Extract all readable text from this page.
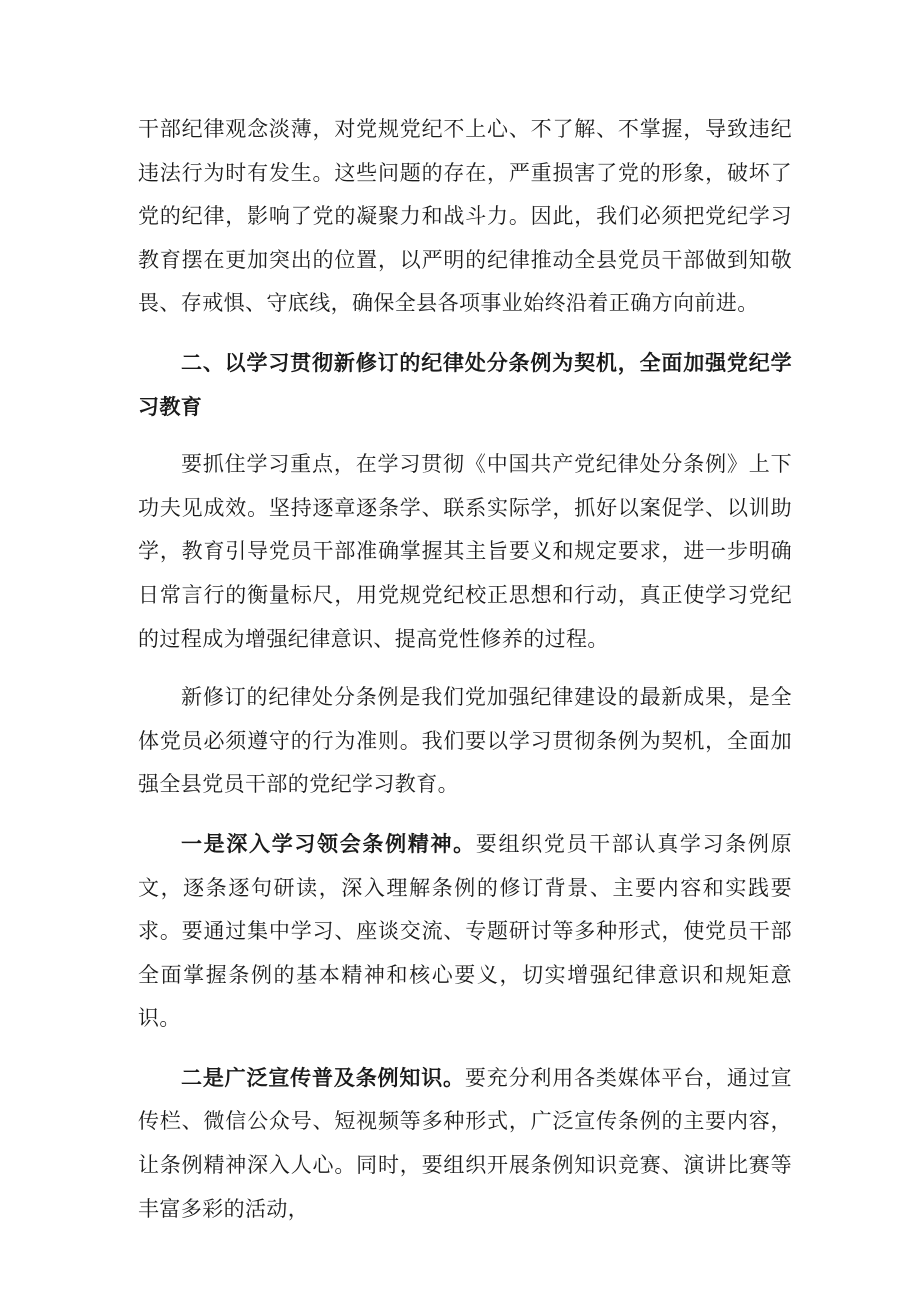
干部纪律观念淡薄，对党规党纪不上心、不了解、不掌握，导致违纪违法行为时有发生。这些问题的存在，严重损害了党的形象，破坏了党的纪律，影响了党的凝聚力和战斗力。因此，我们必须把党纪学习教育摆在更加突出的位置，以严明的纪律推动全县党员干部做到知敬畏、存戒惧、守底线，确保全县各项事业始终沿着正确方向前进。

二、以学习贯彻新修订的纪律处分条例为契机，全面加强党纪学习教育

要抓住学习重点，在学习贯彻《中国共产党纪律处分条例》上下功夫见成效。坚持逐章逐条学、联系实际学，抓好以案促学、以训助学，教育引导党员干部准确掌握其主旨要义和规定要求，进一步明确日常言行的衡量标尺，用党规党纪校正思想和行动，真正使学习党纪的过程成为增强纪律意识、提高党性修养的过程。

新修订的纪律处分条例是我们党加强纪律建设的最新成果，是全体党员必须遵守的行为准则。我们要以学习贯彻条例为契机，全面加强全县党员干部的党纪学习教育。

一是深入学习领会条例精神。要组织党员干部认真学习条例原文，逐条逐句研读，深入理解条例的修订背景、主要内容和实践要求。要通过集中学习、座谈交流、专题研讨等多种形式，使党员干部全面掌握条例的基本精神和核心要义，切实增强纪律意识和规矩意识。

二是广泛宣传普及条例知识。要充分利用各类媒体平台，通过宣传栏、微信公众号、短视频等多种形式，广泛宣传条例的主要内容，让条例精神深入人心。同时，要组织开展条例知识竞赛、演讲比赛等丰富多彩的活动，
